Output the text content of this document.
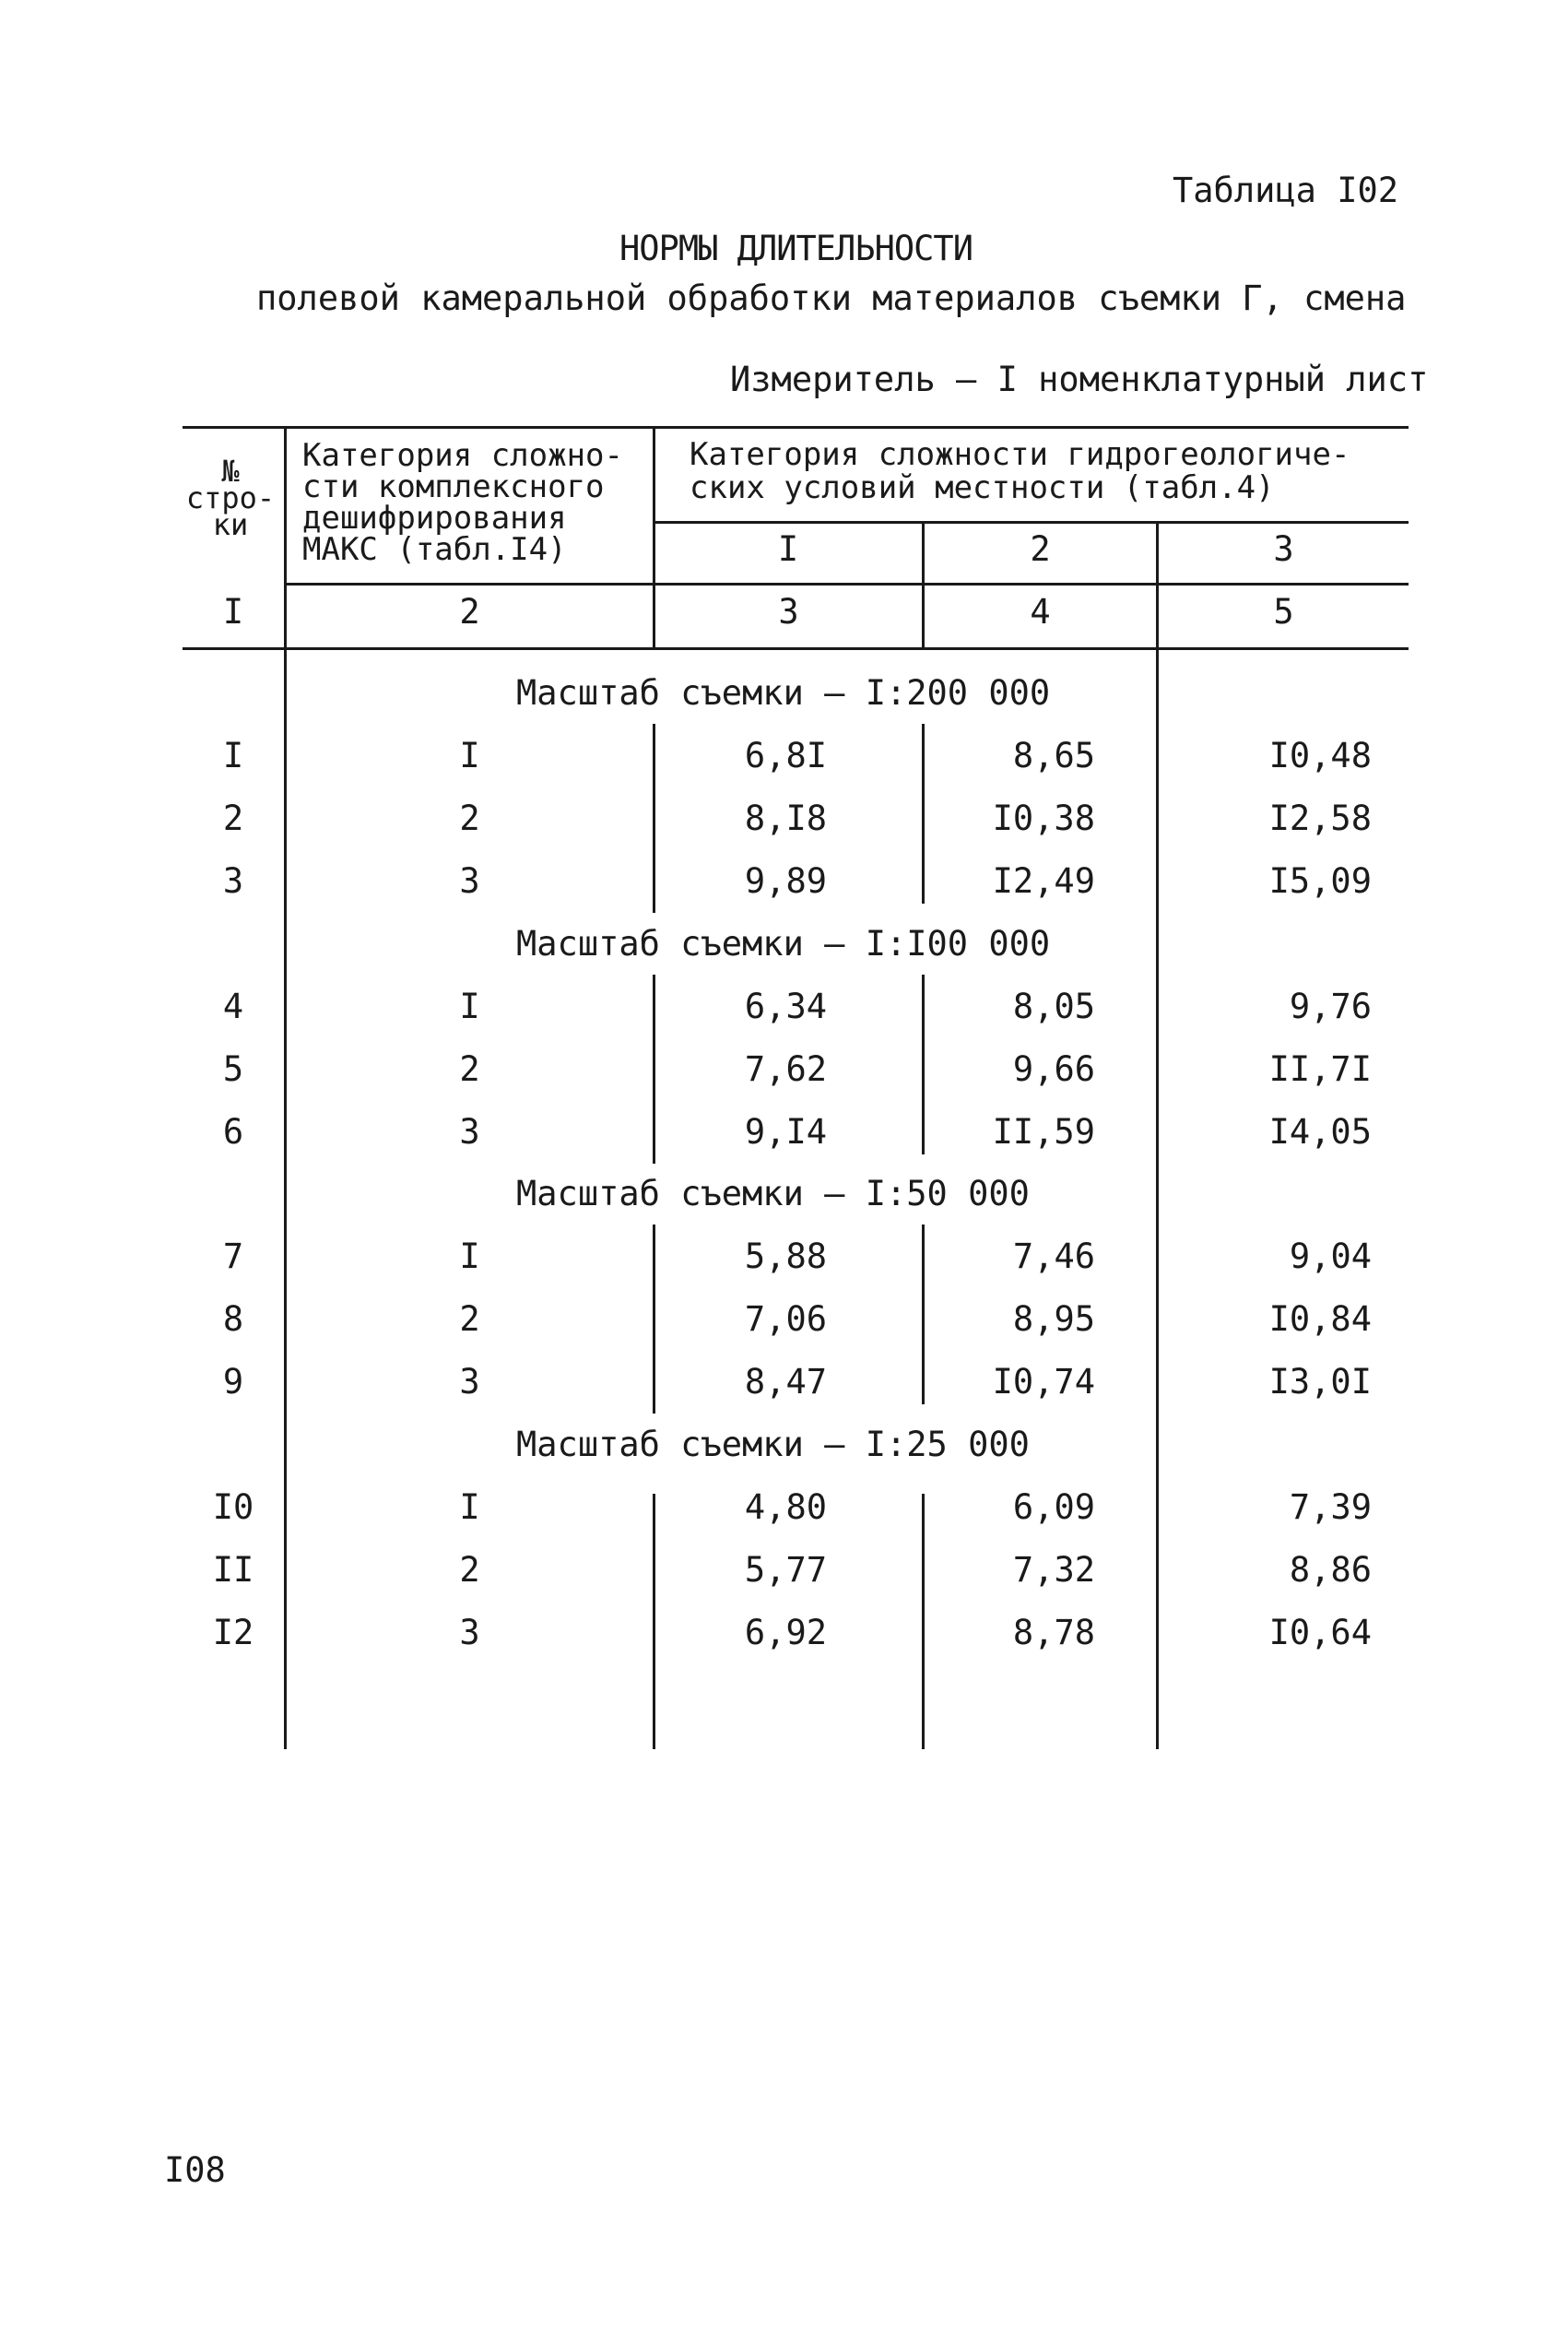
Таблица I02
НОРМЫ ДЛИТЕЛЬНОСТИ
полевой камеральной обработки материалов съемки Г, смена
Измеритель – I номенклатурный лист
№
стро-
ки
Категория сложно-
сти комплексного
дешифрирования
МАКС (табл.I4)
Категория сложности гидрогеологиче-
ских условий местности (табл.4)
I	2	3
I	2	3	4	5
Масштаб съемки – I:200 000
I	I	6,8I	8,65	I0,48
2	2	8,I8	I0,38	I2,58
3	3	9,89	I2,49	I5,09
Масштаб съемки – I:I00 000
4	I	6,34	8,05	9,76
5	2	7,62	9,66	II,7I
6	3	9,I4	II,59	I4,05
Масштаб съемки – I:50 000
7	I	5,88	7,46	9,04
8	2	7,06	8,95	I0,84
9	3	8,47	I0,74	I3,0I
Масштаб съемки – I:25 000
I0	I	4,80	6,09	7,39
II	2	5,77	7,32	8,86
I2	3	6,92	8,78	I0,64
I08
